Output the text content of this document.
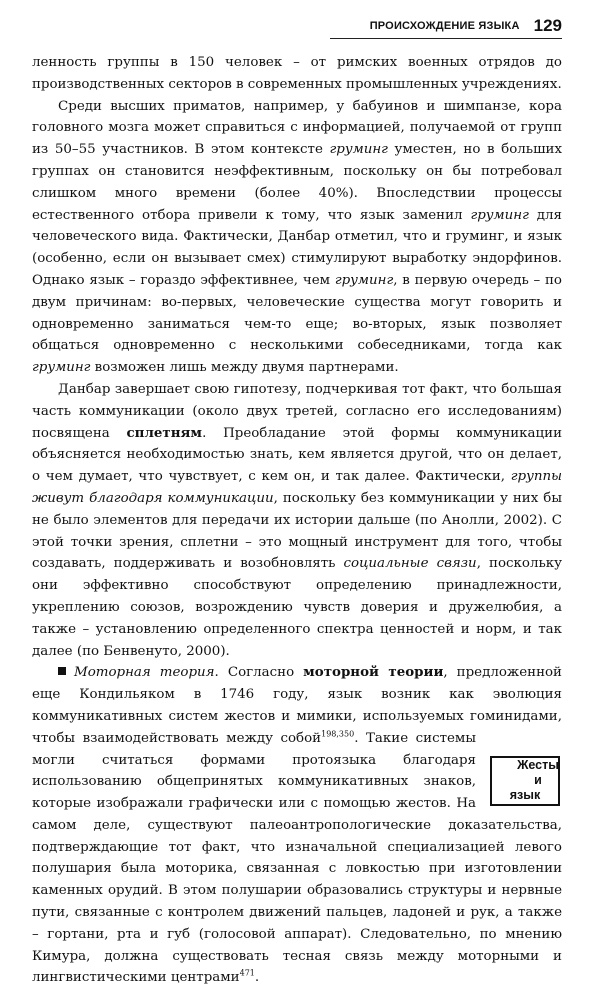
ПРОИСХОЖДЕНИЕ ЯЗЫКА 129

ленность группы в 150 человек – от римских военных отрядов до производственных секторов в современных промышленных учреждениях.

Среди высших приматов, например, у бабуинов и шимпанзе, кора головного мозга может справиться с информацией, получаемой от групп из 50–55 участников. В этом контексте груминг уместен, но в больших группах он становится неэффективным, поскольку он бы потребовал слишком много времени (более 40%). Впоследствии процессы естественного отбора привели к тому, что язык заменил груминг для человеческого вида. Фактически, Данбар отметил, что и груминг, и язык (особенно, если он вызывает смех) стимулируют выработку эндорфинов. Однако язык – гораздо эффективнее, чем груминг, в первую очередь – по двум причинам: во-первых, человеческие существа могут говорить и одновременно заниматься чем-то еще; во-вторых, язык позволяет общаться одновременно с несколькими собеседниками, тогда как груминг возможен лишь между двумя партнерами.

Данбар завершает свою гипотезу, подчеркивая тот факт, что большая часть коммуникации (около двух третей, согласно его исследованиям) посвящена сплетням. Преобладание этой формы коммуникации объясняется необходимостью знать, кем является другой, что он делает, о чем думает, что чувствует, с кем он, и так далее. Фактически, группы живут благодаря коммуникации, поскольку без коммуникации у них бы не было элементов для передачи их истории дальше (по Анолли, 2002). С этой точки зрения, сплетни – это мощный инструмент для того, чтобы создавать, поддерживать и возобновлять социальные связи, поскольку они эффективно способствуют определению принадлежности, укреплению союзов, возрождению чувств доверия и дружелюбия, а также – установлению определенного спектра ценностей и норм, и так далее (по Бенвенуто, 2000).

Моторная теория. Согласно моторной теории, предложенной еще Кондильяком в 1746 году, язык возник как эволюция коммуникативных систем жестов и мимики, используемых гоминидами, чтобы взаимодействовать между собой$^{198,350}$
Жесты
и язык
. Такие системы могли считаться формами протоязыка благодаря использованию общепринятых коммуникативных знаков, которые изображали графически или с помощью жестов. На самом деле, существуют палеоантропологические доказательства, подтверждающие тот факт, что изначальной специализацией левого полушария была моторика, связанная с ловкостью при изготовлении каменных орудий. В этом полушарии образовались структуры и нервные пути, связанные с контролем движений пальцев, ладоней и рук, а также – гортани, рта и губ (голосовой аппарат). Следовательно, по мнению Кимура, должна существовать тесная связь между моторными и лингвистическими центрами$^{471}$.
